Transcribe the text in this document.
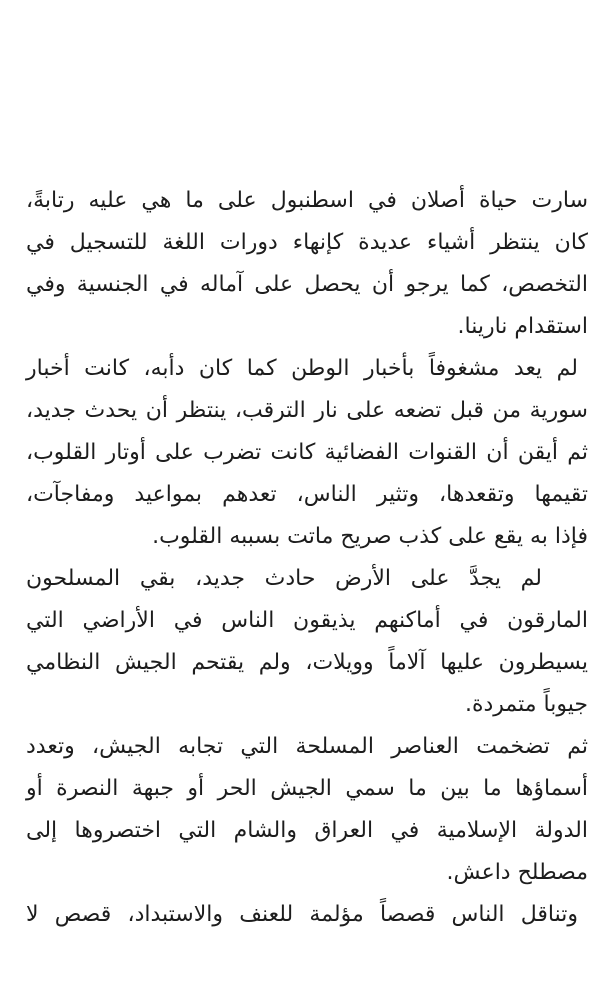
سارت حياة أصلان في اسطنبول على ما هي عليه رتابةً،

كان ينتظر أشياء عديدة كإنهاء دورات اللغة للتسجيل في

التخصص، كما يرجو أن يحصل على آماله في الجنسية وفي

استقدام نارينا.

لم يعد مشغوفاً بأخبار الوطن كما كان دأبه، كانت أخبار

سورية من قبل تضعه على نار الترقب، ينتظر أن يحدث جديد،

ثم أيقن أن القنوات الفضائية كانت تضرب على أوتار القلوب،

تقيمها وتقعدها، وتثير الناس، تعدهم بمواعيد ومفاجآت،

فإذا به يقع على كذب صريح ماتت بسببه القلوب.

لم يجدَّ على الأرض حادث جديد، بقي المسلحون

المارقون في أماكنهم يذيقون الناس في الأراضي التي

يسيطرون عليها آلاماً وويلات، ولم يقتحم الجيش النظامي

جيوباً متمردة.

ثم تضخمت العناصر المسلحة التي تجابه الجيش، وتعدد

أسماؤها ما بين ما سمي الجيش الحر أو جبهة النصرة أو

الدولة الإسلامية في العراق والشام التي اختصروها إلى

مصطلح داعش.

وتناقل الناس قصصاً مؤلمة للعنف والاستبداد، قصص لا
